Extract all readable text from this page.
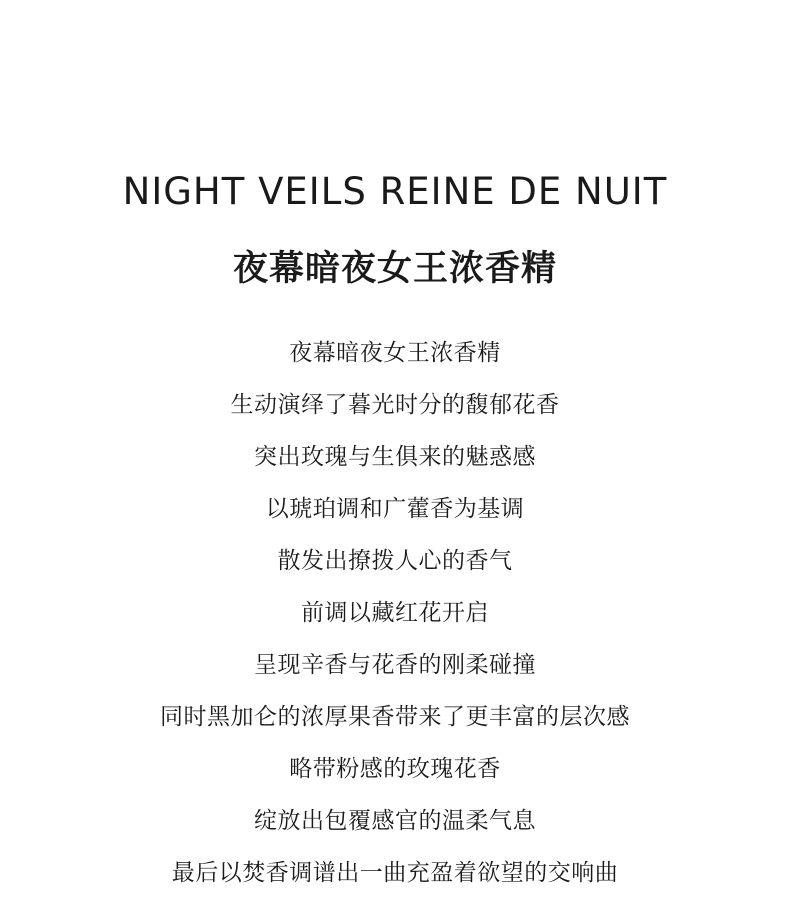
NIGHT VEILS REINE DE NUIT
夜幕暗夜女王浓香精
夜幕暗夜女王浓香精
生动演绎了暮光时分的馥郁花香
突出玫瑰与生俱来的魅惑感
以琥珀调和广藿香为基调
散发出撩拨人心的香气
前调以藏红花开启
呈现辛香与花香的刚柔碰撞
同时黑加仑的浓厚果香带来了更丰富的层次感
略带粉感的玫瑰花香
绽放出包覆感官的温柔气息
最后以焚香调谱出一曲充盈着欲望的交响曲
